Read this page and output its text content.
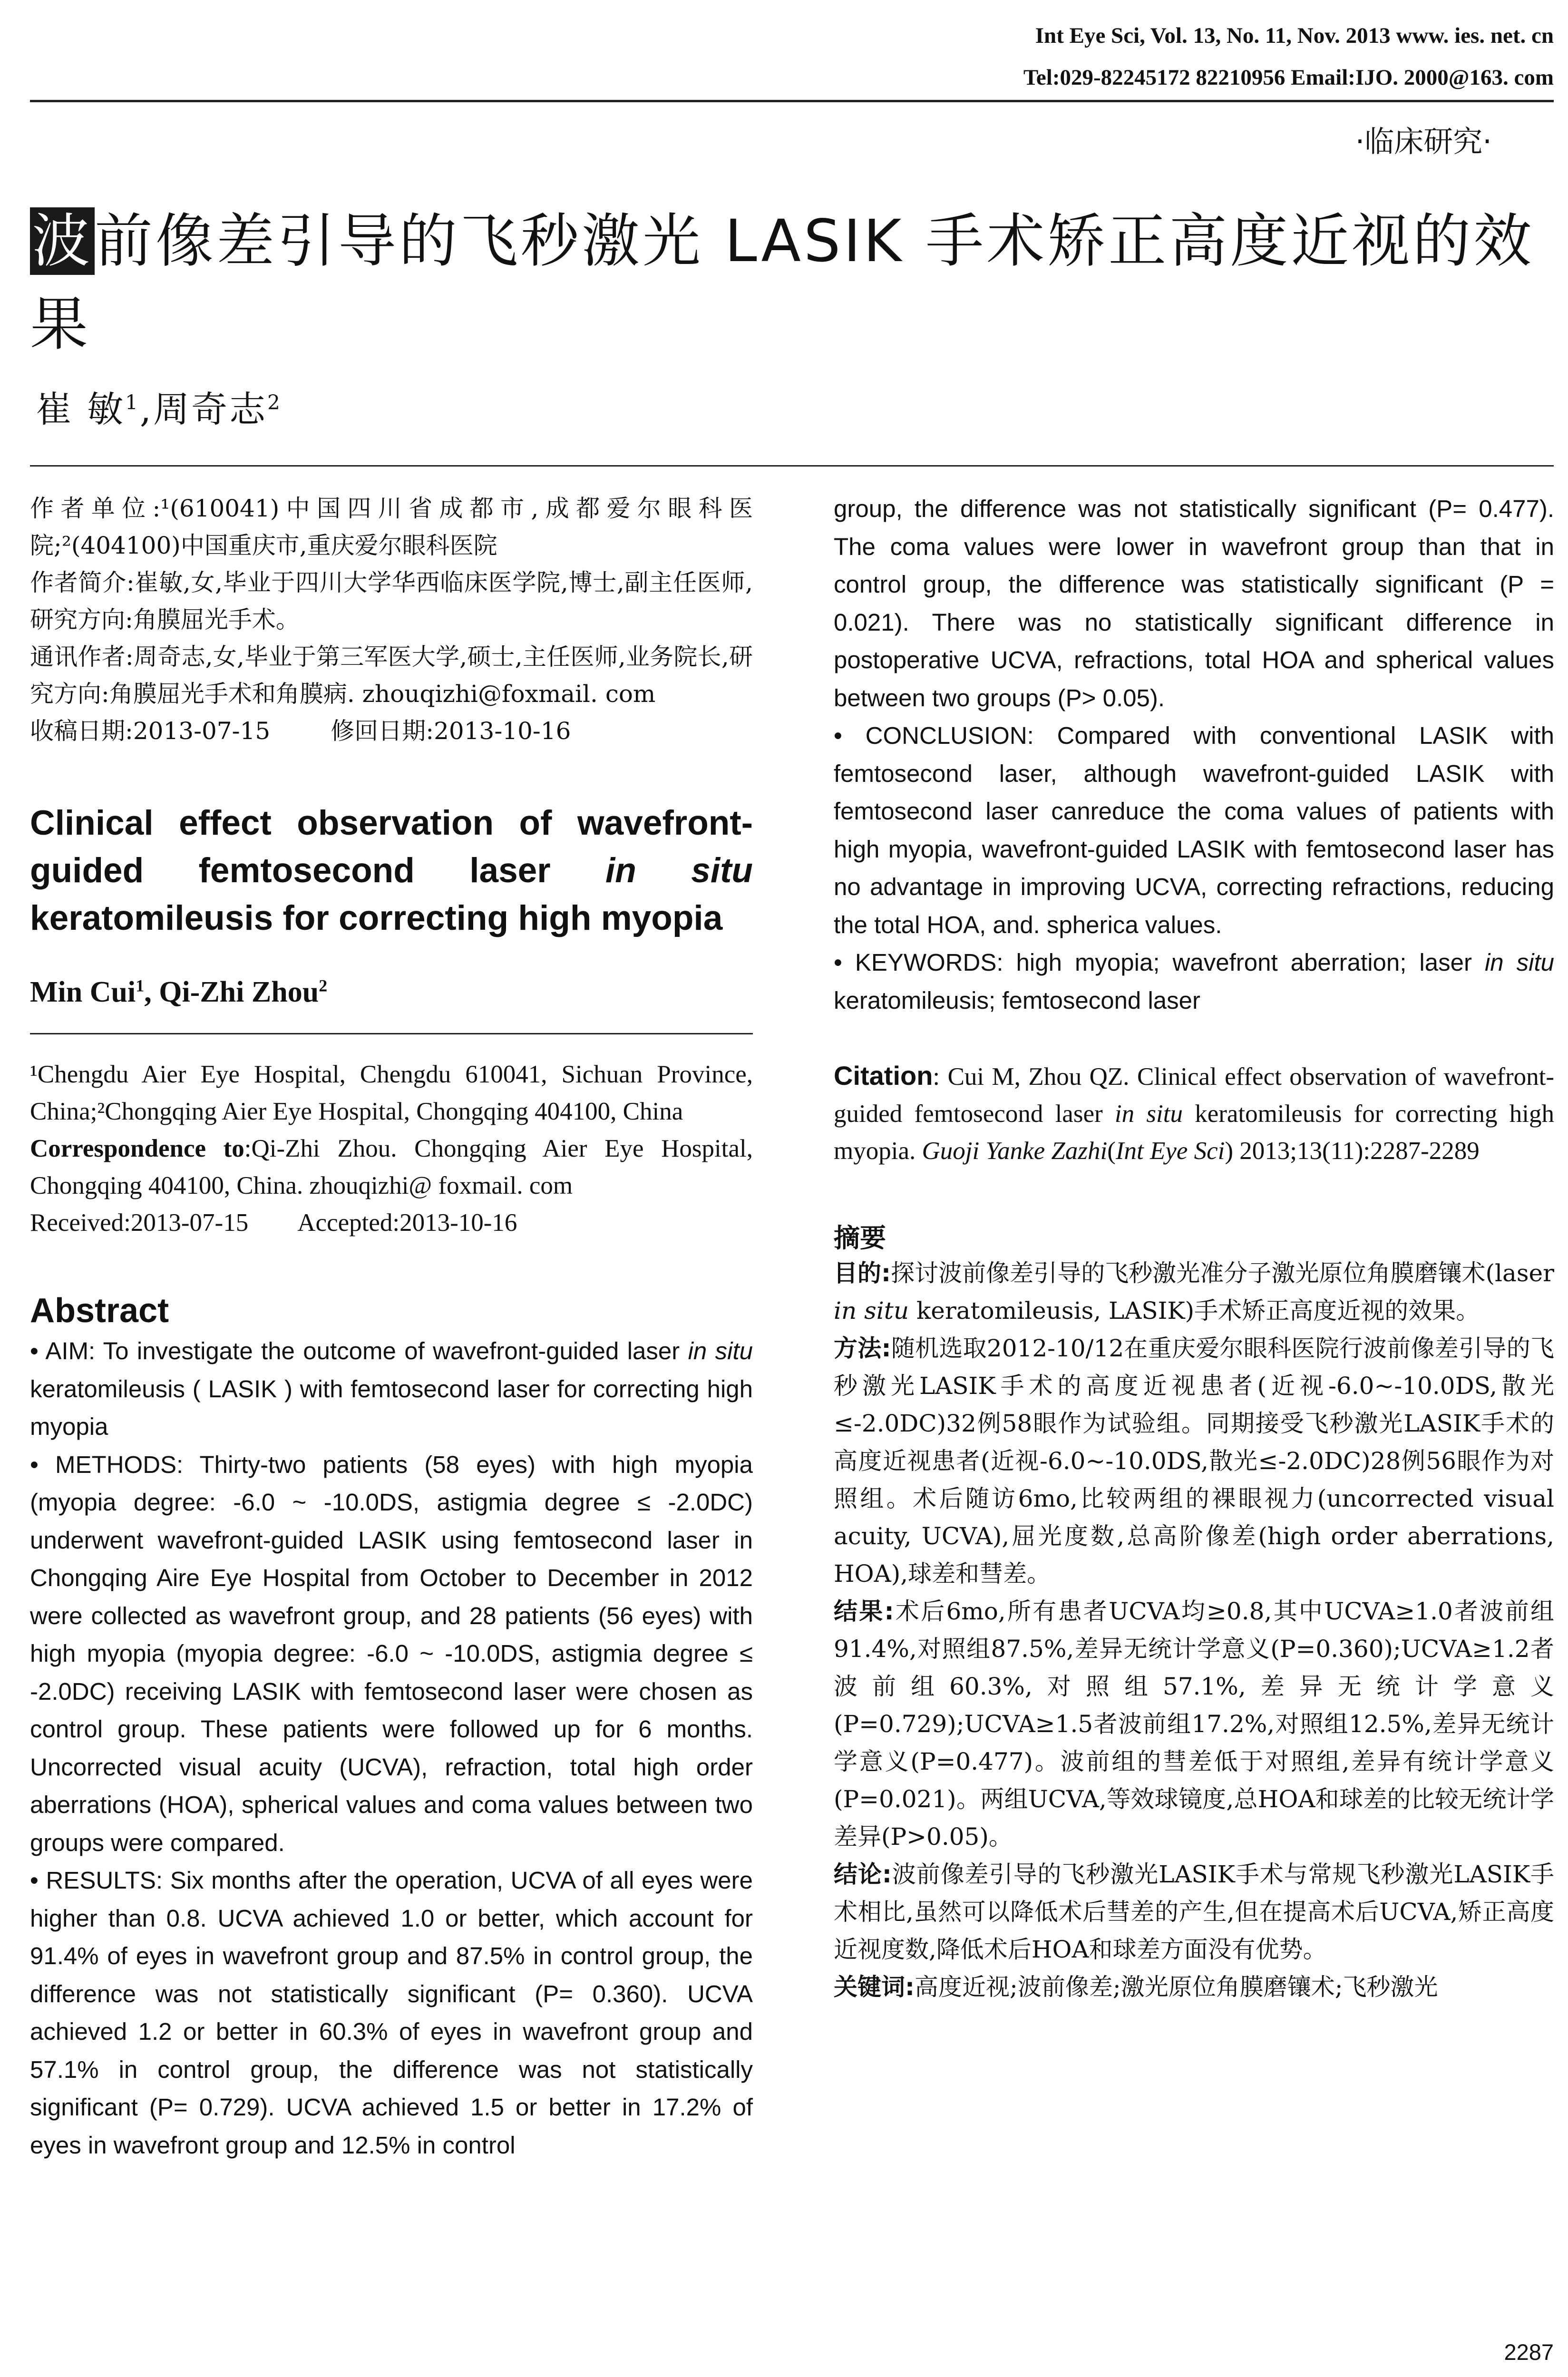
Int Eye Sci, Vol. 13, No. 11, Nov. 2013 www. ies. net. cn
Tel:029-82245172 82210956 Email:IJO. 2000@163. com
·临床研究·
波前像差引导的飞秒激光 LASIK 手术矫正高度近视的效果
崔 敏$^1$,周奇志$^2$

作者单位:¹(610041)中国四川省成都市,成都爱尔眼科医院;²(404100)中国重庆市,重庆爱尔眼科医院

作者简介:崔敏,女,毕业于四川大学华西临床医学院,博士,副主任医师,研究方向:角膜屈光手术。

通讯作者:周奇志,女,毕业于第三军医大学,硕士,主任医师,业务院长,研究方向:角膜屈光手术和角膜病. zhouqizhi@foxmail. com

收稿日期:2013-07-15        修回日期:2013-10-16

Clinical effect observation of wavefront-guided femtosecond laser in situ keratomileusis for correcting high myopia

Min Cui$^1$, Qi-Zhi Zhou$^2$

¹Chengdu Aier Eye Hospital, Chengdu 610041, Sichuan Province, China;²Chongqing Aier Eye Hospital, Chongqing 404100, China

Correspondence to:Qi-Zhi Zhou. Chongqing Aier Eye Hospital, Chongqing 404100, China. zhouqizhi@ foxmail. com

Received:2013-07-15        Accepted:2013-10-16

Abstract

• AIM: To investigate the outcome of wavefront-guided laser in situ keratomileusis ( LASIK ) with femtosecond laser for correcting high myopia

• METHODS: Thirty-two patients (58 eyes) with high myopia (myopia degree: -6.0 ~ -10.0DS, astigmia degree ≤ -2.0DC) underwent wavefront-guided LASIK using femtosecond laser in Chongqing Aire Eye Hospital from October to December in 2012 were collected as wavefront group, and 28 patients (56 eyes) with high myopia (myopia degree: -6.0 ~ -10.0DS, astigmia degree ≤ -2.0DC) receiving LASIK with femtosecond laser were chosen as control group. These patients were followed up for 6 months. Uncorrected visual acuity (UCVA), refraction, total high order aberrations (HOA), spherical values and coma values between two groups were compared.

• RESULTS: Six months after the operation, UCVA of all eyes were higher than 0.8. UCVA achieved 1.0 or better, which account for 91.4% of eyes in wavefront group and 87.5% in control group, the difference was not statistically significant (P= 0.360). UCVA achieved 1.2 or better in 60.3% of eyes in wavefront group and 57.1% in control group, the difference was not statistically significant (P= 0.729). UCVA achieved 1.5 or better in 17.2% of eyes in wavefront group and 12.5% in control

group, the difference was not statistically significant (P= 0.477). The coma values were lower in wavefront group than that in control group, the difference was statistically significant (P = 0.021). There was no statistically significant difference in postoperative UCVA, refractions, total HOA and spherical values between two groups (P> 0.05).

• CONCLUSION: Compared with conventional LASIK with femtosecond laser, although wavefront-guided LASIK with femtosecond laser canreduce the coma values of patients with high myopia, wavefront-guided LASIK with femtosecond laser has no advantage in improving UCVA, correcting refractions, reducing the total HOA, and. spherica values.

• KEYWORDS: high myopia; wavefront aberration; laser in situ keratomileusis; femtosecond laser

Citation: Cui M, Zhou QZ. Clinical effect observation of wavefront-guided femtosecond laser in situ keratomileusis for correcting high myopia. Guoji Yanke Zazhi(Int Eye Sci) 2013;13(11):2287-2289

摘要

目的:探讨波前像差引导的飞秒激光准分子激光原位角膜磨镶术(laser in situ keratomileusis, LASIK)手术矫正高度近视的效果。

方法:随机选取2012-10/12在重庆爱尔眼科医院行波前像差引导的飞秒激光LASIK手术的高度近视患者(近视-6.0~-10.0DS,散光≤-2.0DC)32例58眼作为试验组。同期接受飞秒激光LASIK手术的高度近视患者(近视-6.0~-10.0DS,散光≤-2.0DC)28例56眼作为对照组。术后随访6mo,比较两组的裸眼视力(uncorrected visual acuity, UCVA),屈光度数,总高阶像差(high order aberrations, HOA),球差和彗差。

结果:术后6mo,所有患者UCVA均≥0.8,其中UCVA≥1.0者波前组91.4%,对照组87.5%,差异无统计学意义(P=0.360);UCVA≥1.2者波前组60.3%,对照组57.1%,差异无统计学意义(P=0.729);UCVA≥1.5者波前组17.2%,对照组12.5%,差异无统计学意义(P=0.477)。波前组的彗差低于对照组,差异有统计学意义(P=0.021)。两组UCVA,等效球镜度,总HOA和球差的比较无统计学差异(P>0.05)。

结论:波前像差引导的飞秒激光LASIK手术与常规飞秒激光LASIK手术相比,虽然可以降低术后彗差的产生,但在提高术后UCVA,矫正高度近视度数,降低术后HOA和球差方面没有优势。

关键词:高度近视;波前像差;激光原位角膜磨镶术;飞秒激光

2287
